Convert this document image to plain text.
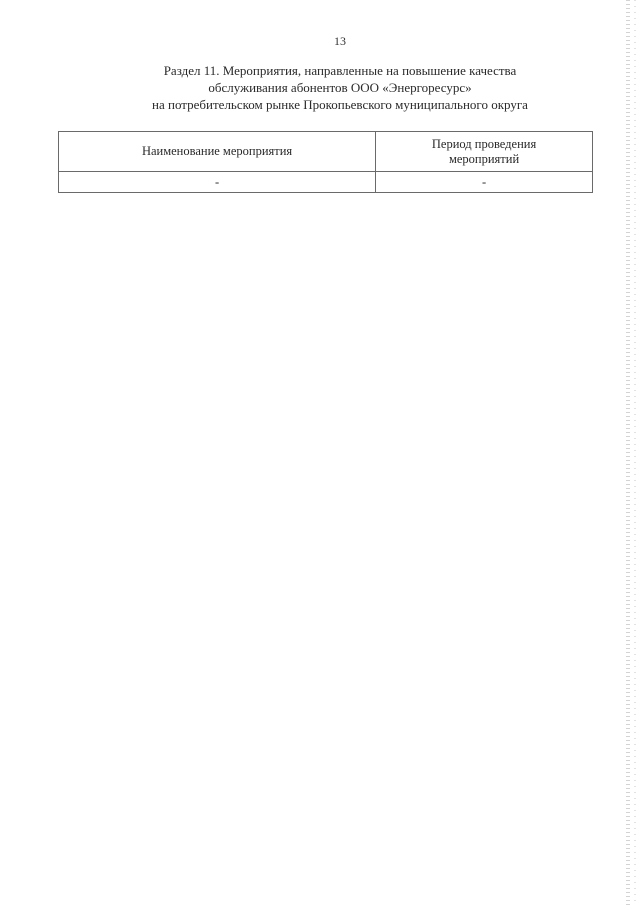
13
Раздел 11. Мероприятия, направленные на повышение качества
обслуживания абонентов ООО «Энергоресурс»
на потребительском рынке Прокопьевского муниципального округа
Наименование мероприятия	Период проведения
мероприятий
-	-
